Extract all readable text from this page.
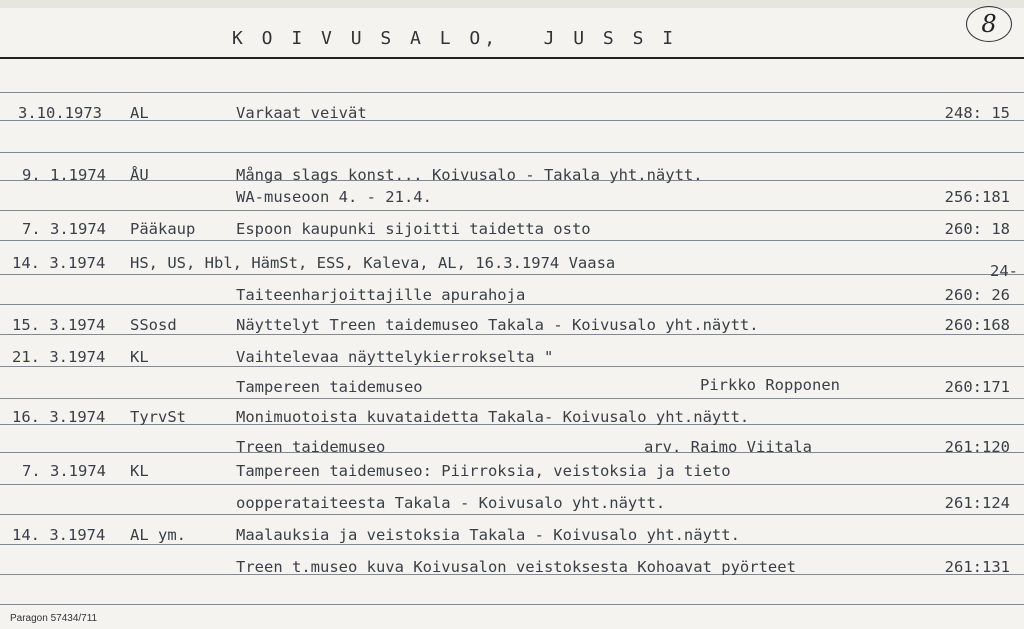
K O I V U S A L O,   J U S S I
8
3.10.1973 AL	Varkaat veivät	248: 15
9. 1.1974 ÅU	Många slags konst... Koivusalo - Takala yht.näytt.
WA-museoon 4. - 21.4.	256:181
7. 3.1974 Pääkaup	Espoon kaupunki sijoitti taidetta osto	260: 18
14. 3.1974 HS, US, Hbl, HämSt, ESS, Kaleva, AL, 16.3.1974 Vaasa	24-
Taiteenharjoittajille apurahoja	260: 26
15. 3.1974 SSosd	Näyttelyt Treen taidemuseo Takala - Koivusalo yht.näytt.	260:168
21. 3.1974 KL	Vaihtelevaa näyttelykierrokselta "
Tampereen taidemuseo	Pirkko Ropponen	260:171
16. 3.1974 TyrvSt	Monimuotoista kuvataidetta Takala- Koivusalo yht.näytt.
Treen taidemuseo	arv. Raimo Viitala	261:120
7. 3.1974 KL	Tampereen taidemuseo: Piirroksia, veistoksia ja tieto
oopperataiteesta Takala - Koivusalo yht.näytt.	261:124
14. 3.1974 AL ym.	Maalauksia ja veistoksia Takala - Koivusalo yht.näytt.
Treen t.museo kuva Koivusalon veistoksesta Kohoavat pyörteet	261:131
Paragon 57434/711
